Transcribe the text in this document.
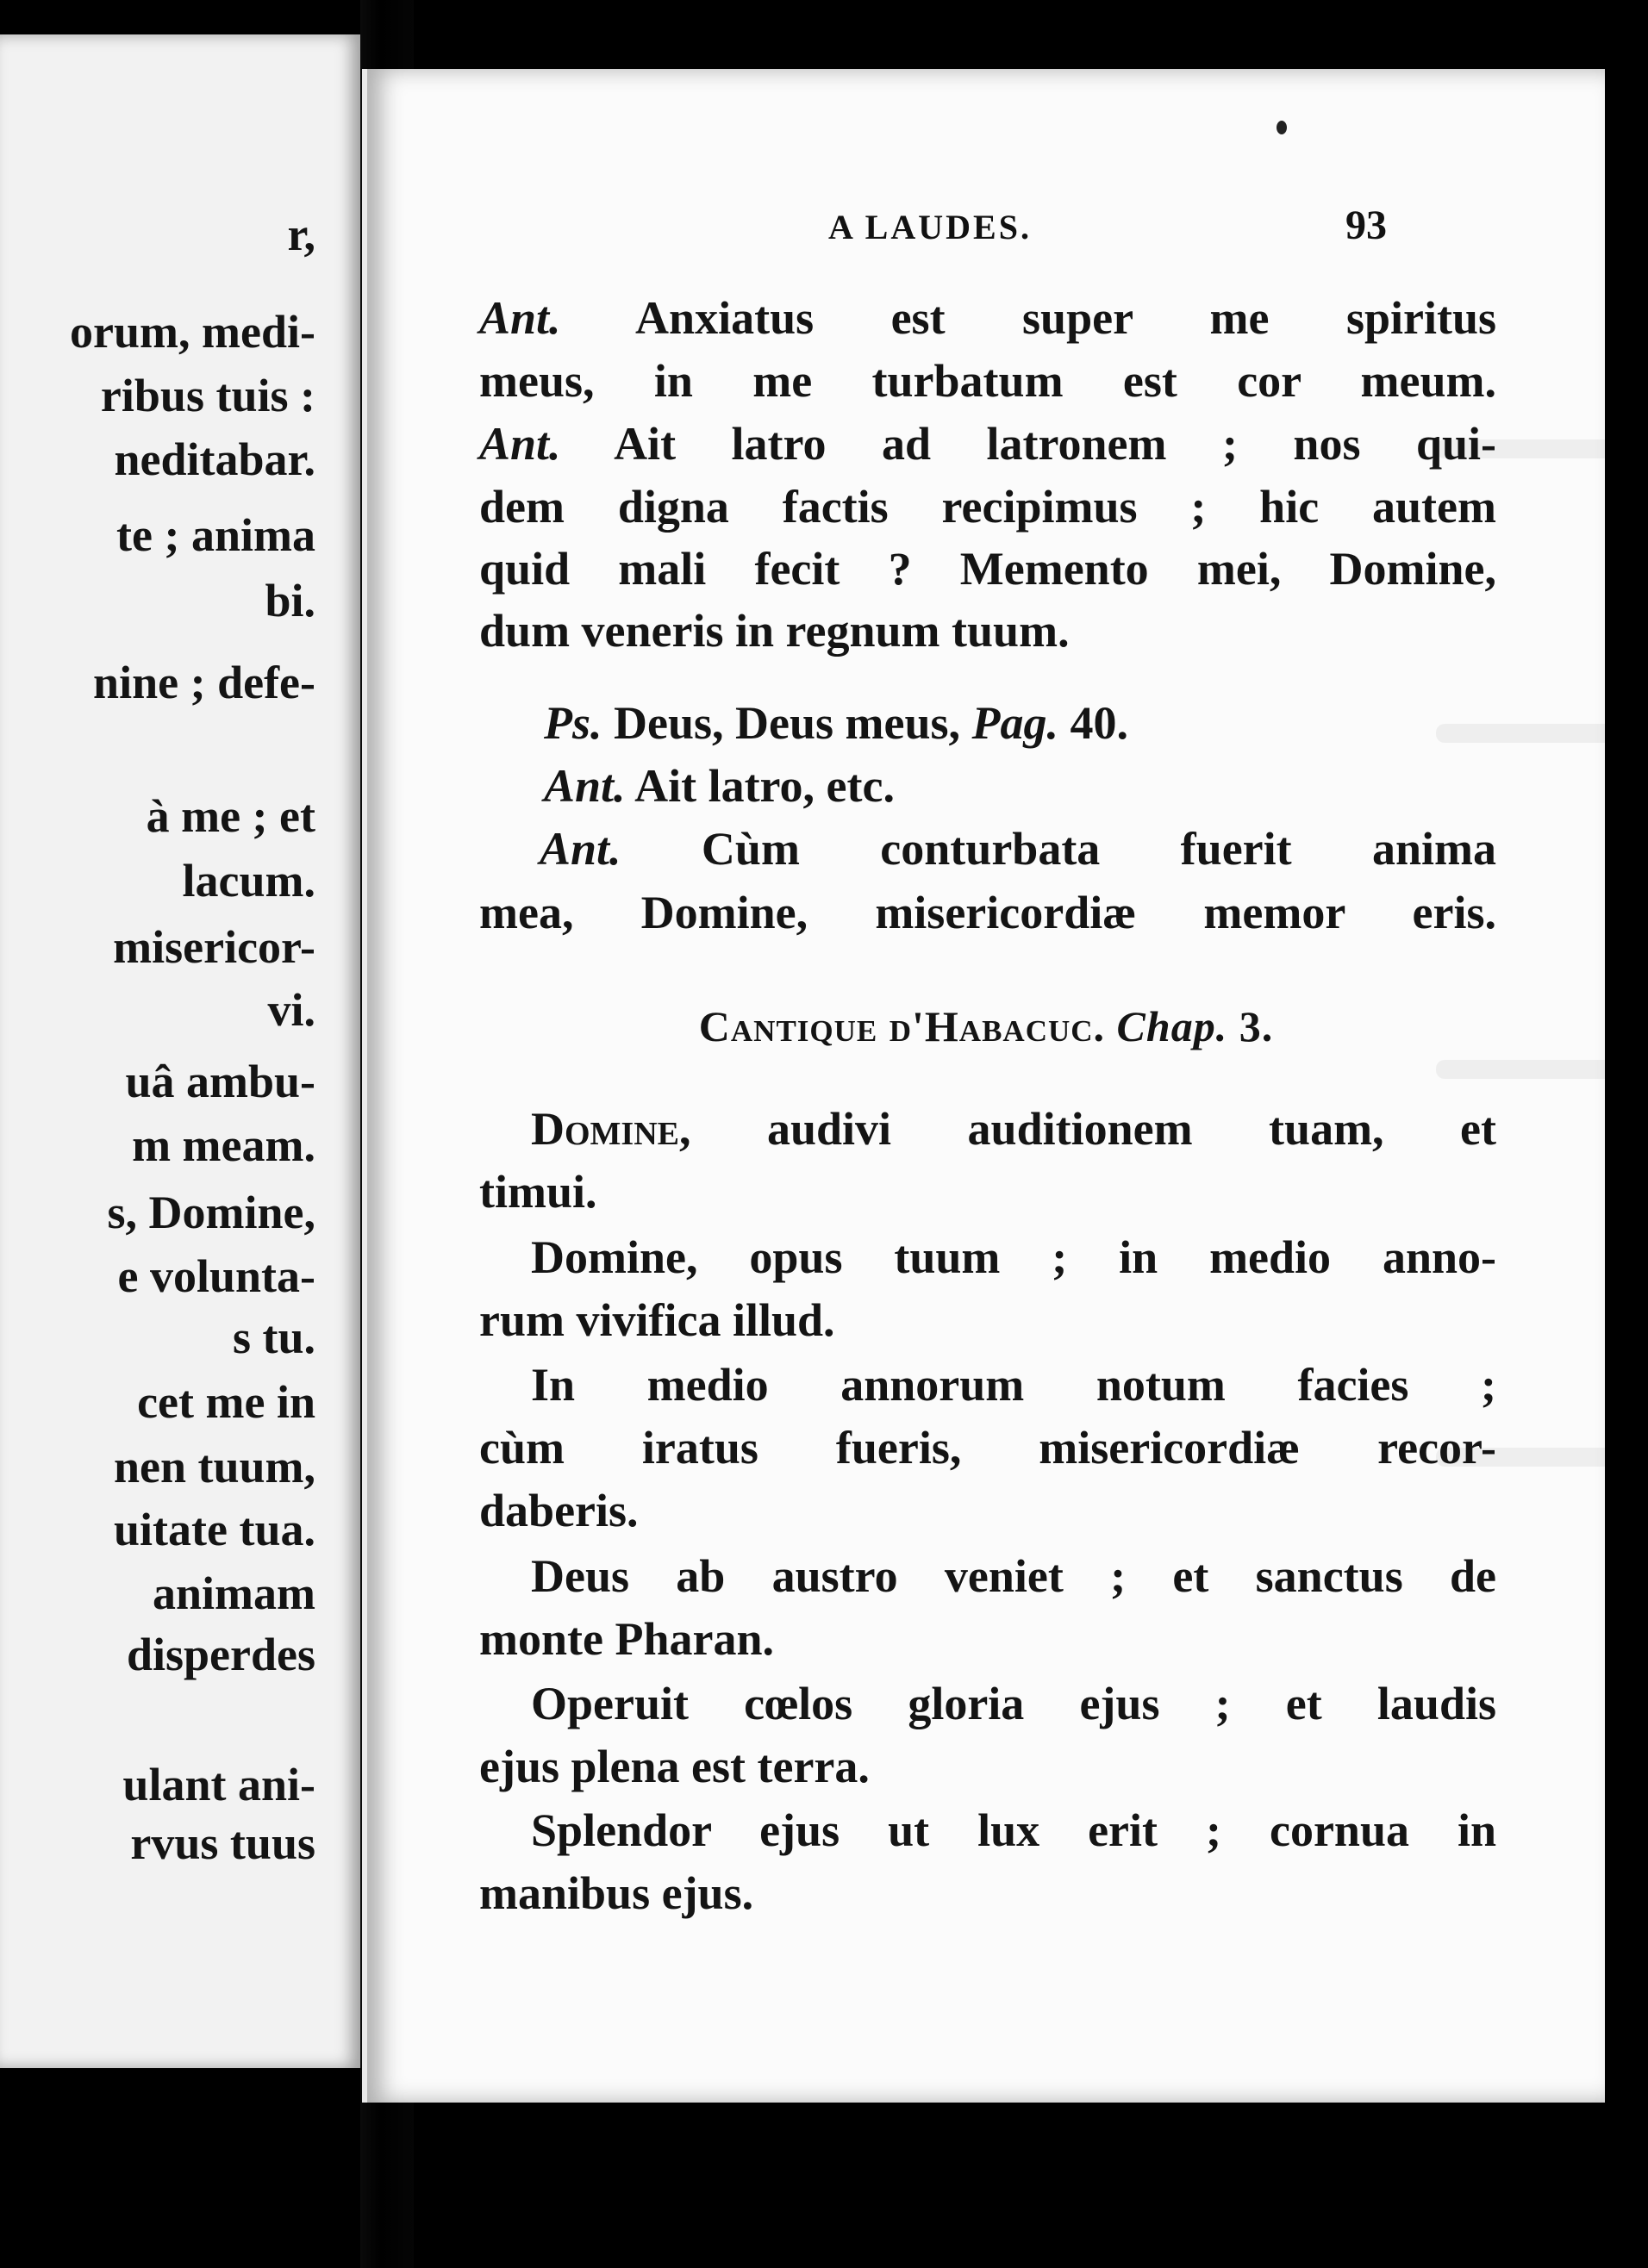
r,

orum, medi-

ribus tuis :

neditabar.

te ; anima

bi.

nine ; defe-

à me ; et

lacum.

misericor-

vi.

uâ ambu-

m meam.

s, Domine,

e volunta-

s tu.

cet me in

nen tuum,

uitate tua.

animam

disperdes

ulant ani-

rvus tuus

A LAUDES.	93

Ant. Anxiatus est super me spiritus

meus, in me turbatum est cor meum.

Ant. Ait latro ad latronem ; nos qui-

dem digna factis recipimus ; hic autem

quid mali fecit ? Memento mei, Domine,

dum veneris in regnum tuum.

Ps. Deus, Deus meus, Pag. 40.

Ant. Ait latro, etc.

Ant. Cùm conturbata fuerit anima

mea, Domine, misericordiæ memor eris.

Cantique d'Habacuc. Chap. 3.

Domine, audivi auditionem tuam, et

timui.

Domine, opus tuum ; in medio anno-

rum vivifica illud.

In medio annorum notum facies ;

cùm iratus fueris, misericordiæ recor-

daberis.

Deus ab austro veniet ; et sanctus de

monte Pharan.

Operuit cœlos gloria ejus ; et laudis

ejus plena est terra.

Splendor ejus ut lux erit ; cornua in

manibus ejus.
